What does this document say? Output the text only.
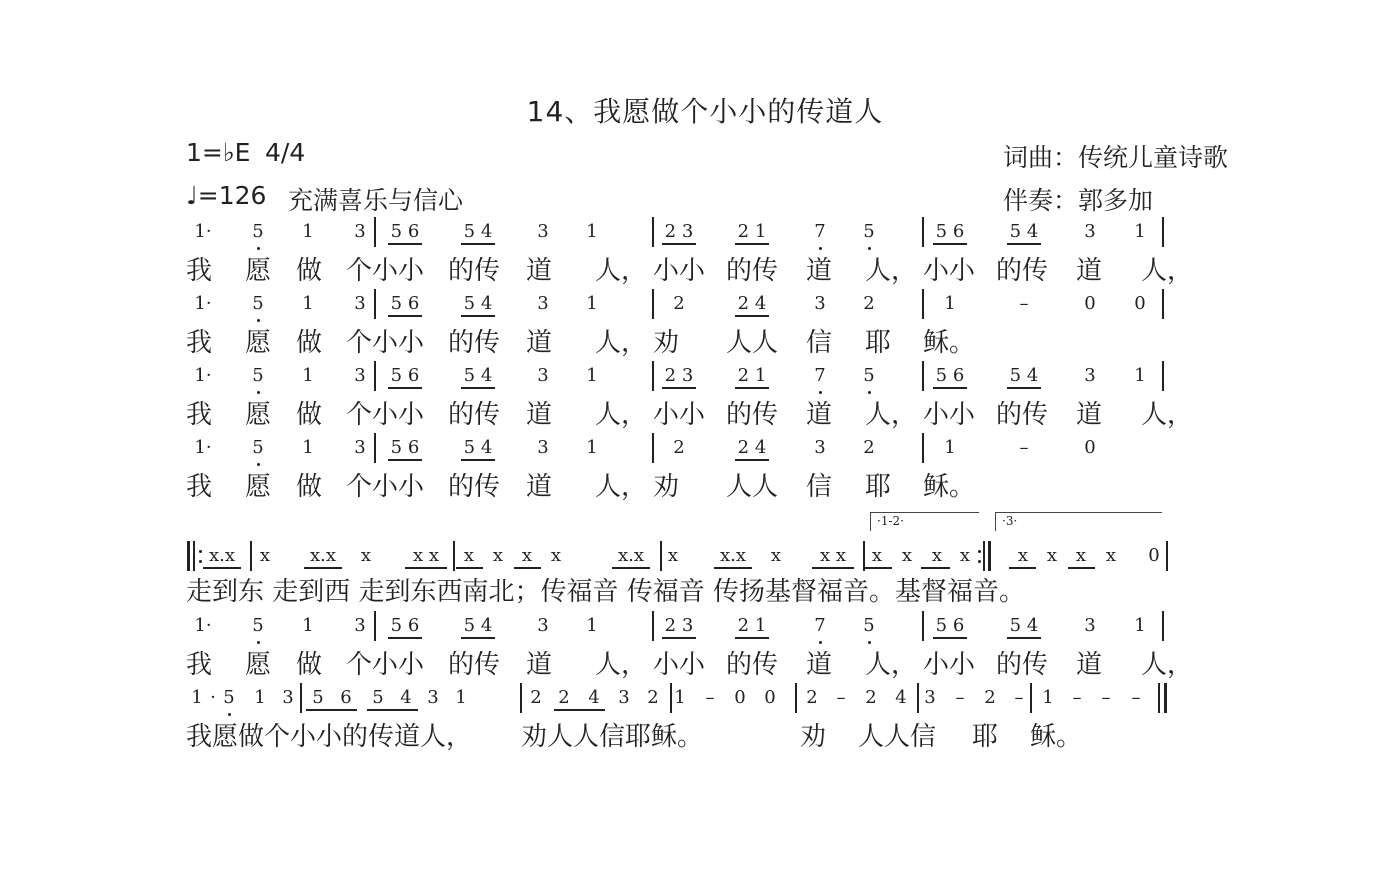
14、我愿做个小小的传道人
1=♭E 4/4
♩=126 充满喜乐与信心
词曲：传统儿童诗歌
伴奏：郭多加
1· 5 1 3 5 6 5 4 3 1	2 3 2 1	7 5	5 6	5 4	3 1
我 愿 做 个小小 的传 道 人， 小小 的传 道 人， 小小 的传 道 人，
1· 5 1 3 5 6 5 4 3 1	2	2 4	3 2	1	–	0 0
我 愿 做 个小小 的传 道 人， 劝 人人 信 耶 稣。
1· 5 1 3 5 6 5 4 3 1	2 3 2 1	7 5	5 6	5 4	3 1
我 愿 做 个小小 的传 道 人， 小小 的传 道 人， 小小 的传 道 人，
1· 5 1 3 5 6 5 4 3 1	2	2 4	3 2	1	–	0
我 愿 做 个小小 的传 道 人， 劝 人人 信 耶 稣。
x.x x x.x x x x x x x x	x.x x x.x x x x x x x x	x x x x 0
·1-2·	·3·
走到东 走到西 走到东西南北；传福音 传福音 传扬基督福音。基督福音。
1· 5 1 3 5 6 5 4 3 1	2 3 2 1	7 5	5 6	5 4	3 1
我 愿 做 个小小 的传 道 人， 小小 的传 道 人， 小小 的传 道 人，
1 · 5 1 3 5 6 5 4 3 1	2 2 4 3 2 1 – 0 0 2 – 2 4 3 – 2 – 1 – – –
我愿做个小小的传道人， 劝人人信耶稣。	劝 人人信 耶 稣。
